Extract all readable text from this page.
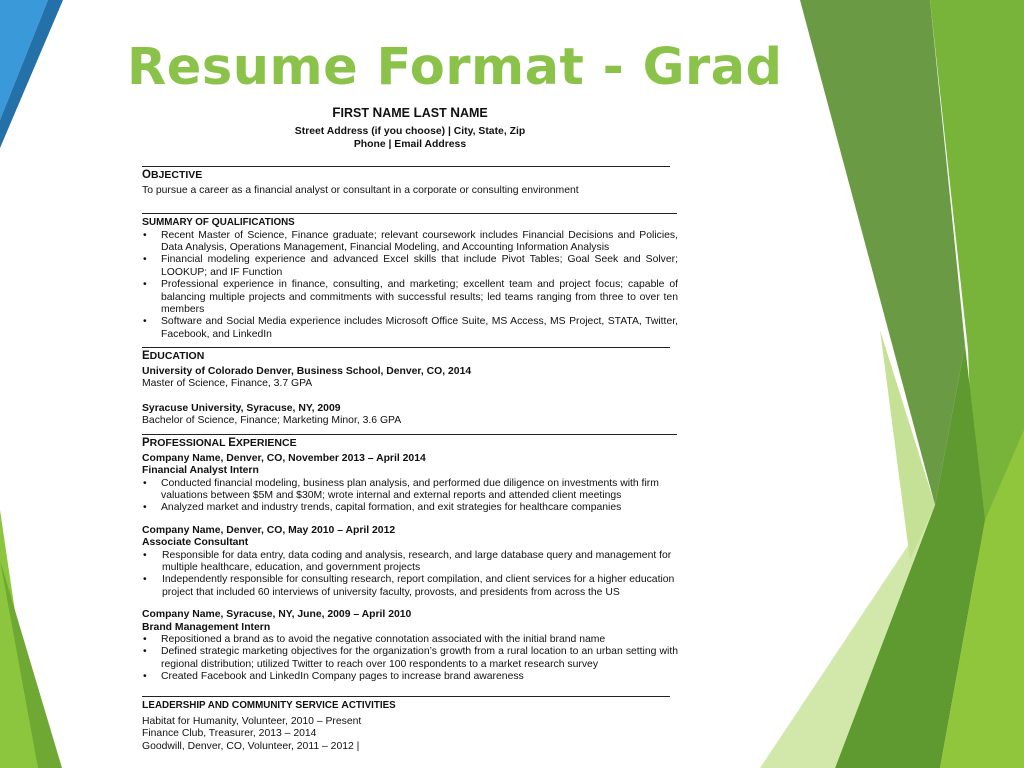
Resume Format - Grad
FIRST NAME LAST NAME
Street Address (if you choose) | City, State, Zip
Phone | Email Address
OBJECTIVE
To pursue a career as a financial analyst or consultant in a corporate or consulting environment
SUMMARY OF QUALIFICATIONS
• Recent Master of Science, Finance graduate; relevant coursework includes Financial Decisions and Policies, Data Analysis, Operations Management, Financial Modeling, and Accounting Information Analysis
• Financial modeling experience and advanced Excel skills that include Pivot Tables; Goal Seek and Solver; LOOKUP; and IF Function
• Professional experience in finance, consulting, and marketing; excellent team and project focus; capable of balancing multiple projects and commitments with successful results; led teams ranging from three to over ten members
• Software and Social Media experience includes Microsoft Office Suite, MS Access, MS Project, STATA, Twitter, Facebook, and LinkedIn
EDUCATION
University of Colorado Denver, Business School, Denver, CO, 2014
Master of Science, Finance, 3.7 GPA
Syracuse University, Syracuse, NY, 2009
Bachelor of Science, Finance; Marketing Minor, 3.6 GPA
PROFESSIONAL EXPERIENCE
Company Name, Denver, CO, November 2013 – April 2014
Financial Analyst Intern
• Conducted financial modeling, business plan analysis, and performed due diligence on investments with firm valuations between $5M and $30M; wrote internal and external reports and attended client meetings
• Analyzed market and industry trends, capital formation, and exit strategies for healthcare companies
Company Name, Denver, CO, May 2010 – April 2012
Associate Consultant
• Responsible for data entry, data coding and analysis, research, and large database query and management for multiple healthcare, education, and government projects
• Independently responsible for consulting research, report compilation, and client services for a higher education project that included 60 interviews of university faculty, provosts, and presidents from across the US
Company Name, Syracuse, NY, June, 2009 – April 2010
Brand Management Intern
• Repositioned a brand as to avoid the negative connotation associated with the initial brand name
• Defined strategic marketing objectives for the organization’s growth from a rural location to an urban setting with regional distribution; utilized Twitter to reach over 100 respondents to a market research survey
• Created Facebook and LinkedIn Company pages to increase brand awareness
LEADERSHIP AND COMMUNITY SERVICE ACTIVITIES
Habitat for Humanity, Volunteer, 2010 – Present
Finance Club, Treasurer, 2013 – 2014
Goodwill, Denver, CO, Volunteer, 2011 – 2012 |
